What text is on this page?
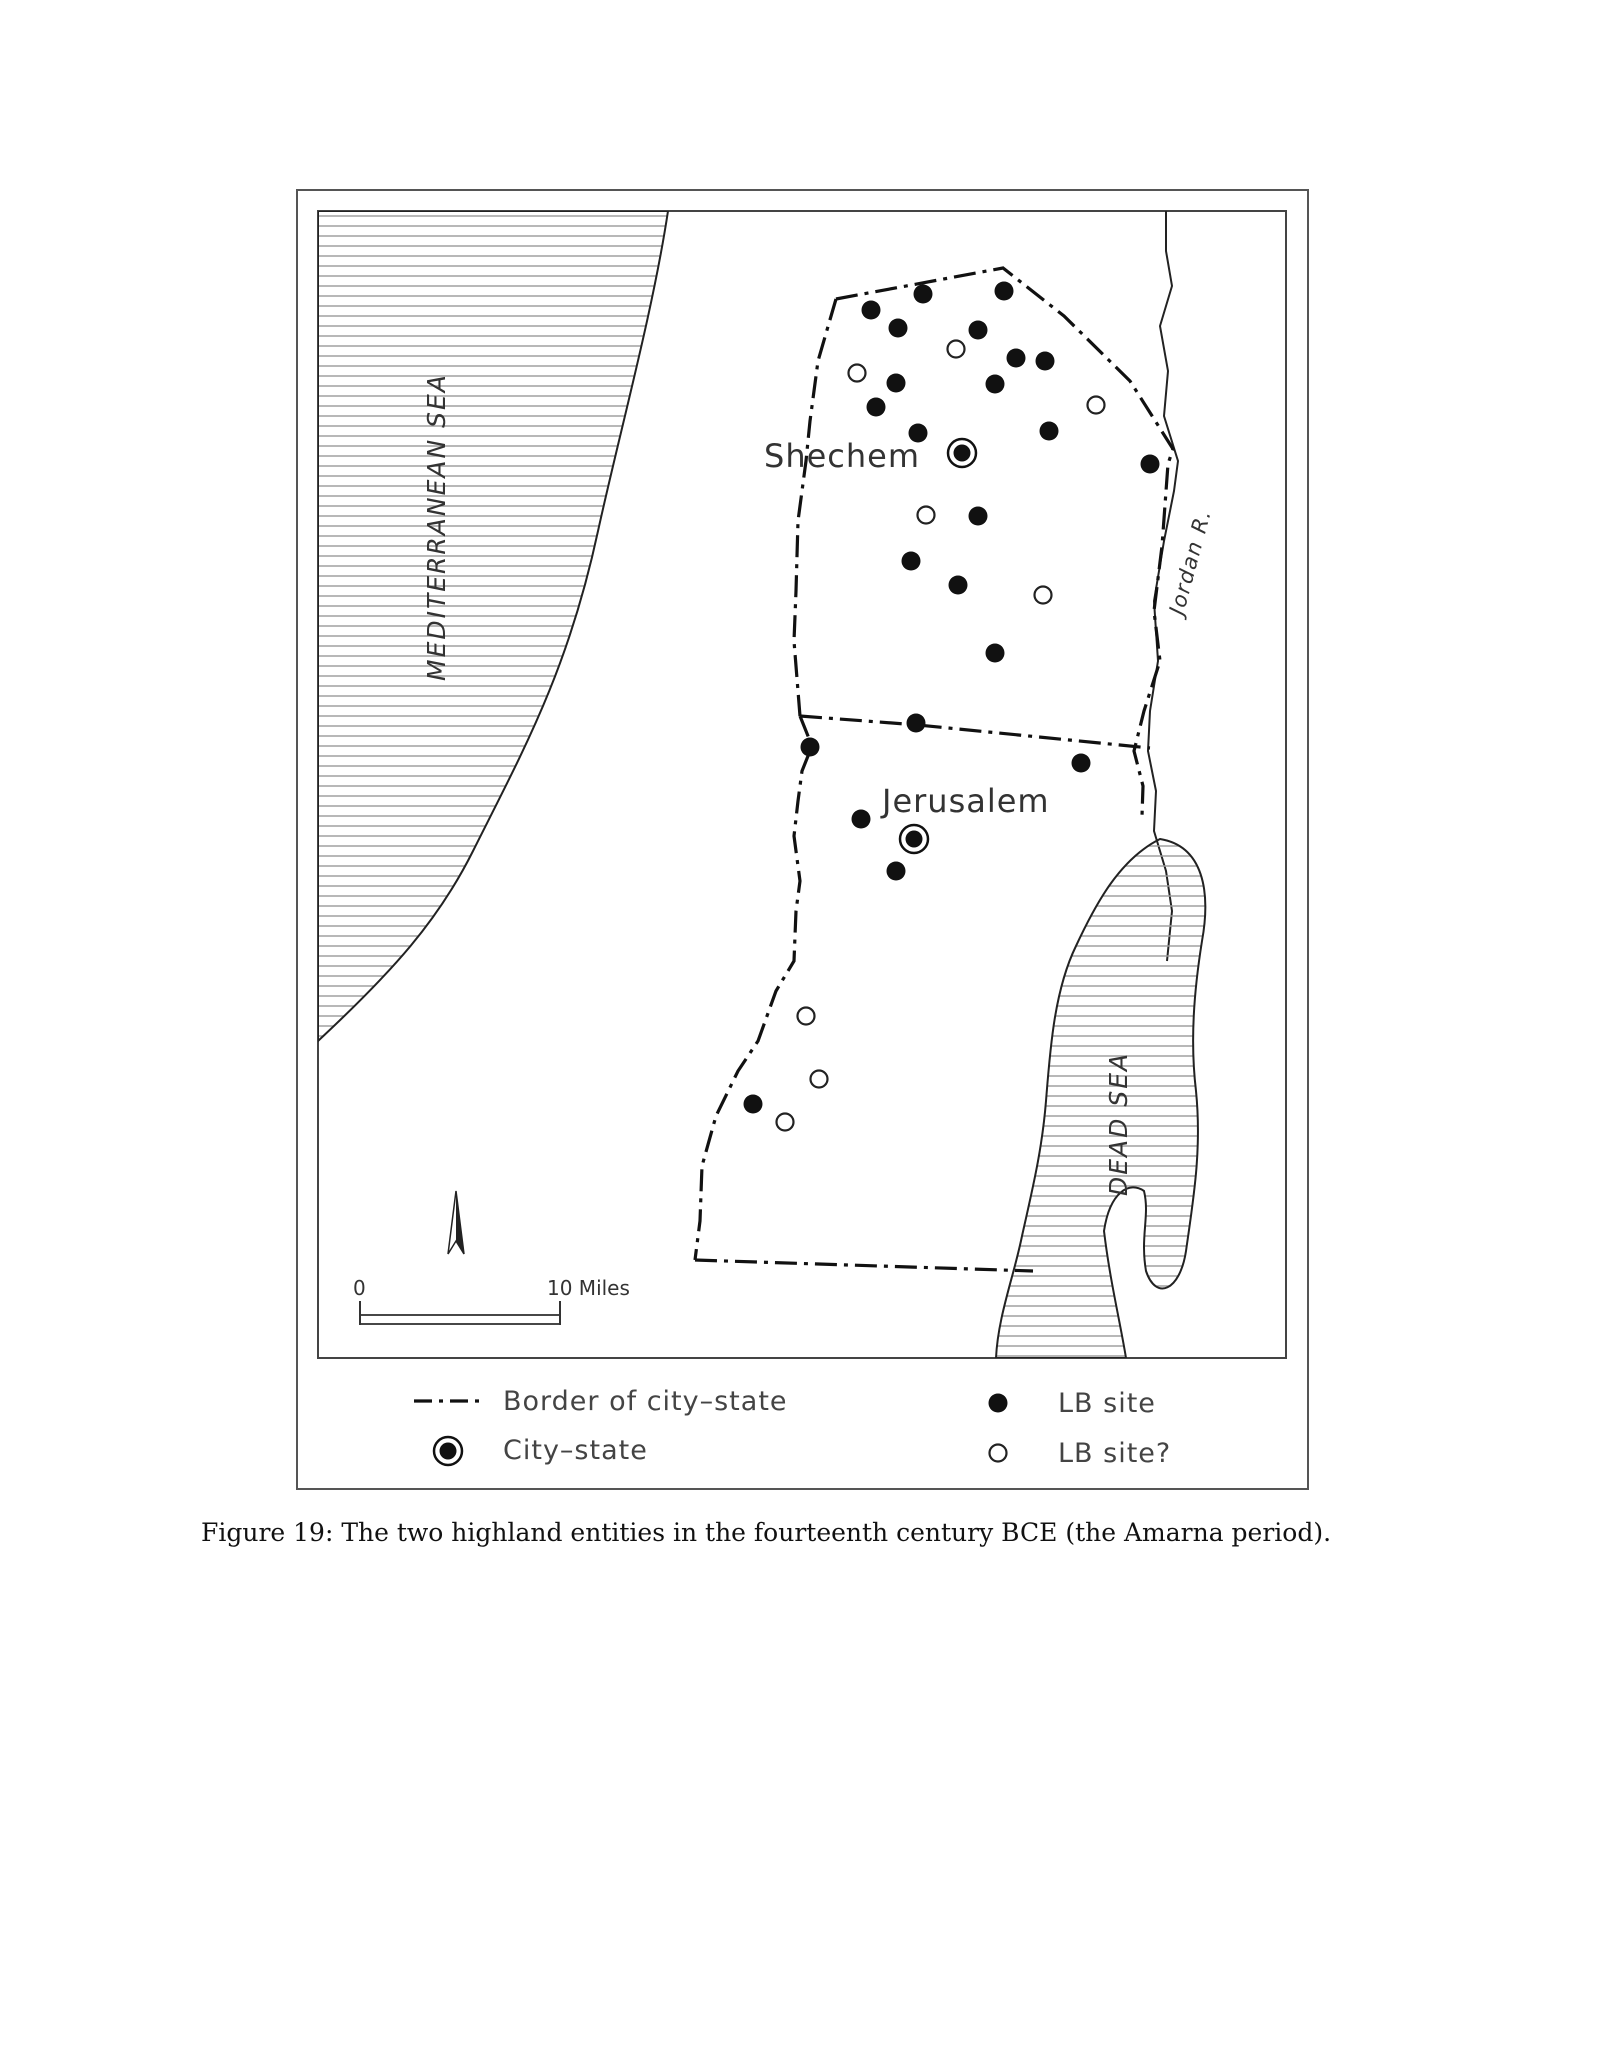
MEDITERRANEAN SEA
DEAD SEA
Jordan R.
Shechem
Jerusalem
0	10 Miles
Border of city–state
City–state
LB site
LB site?
Figure 19: The two highland entities in the fourteenth century BCE (the Amarna period).
